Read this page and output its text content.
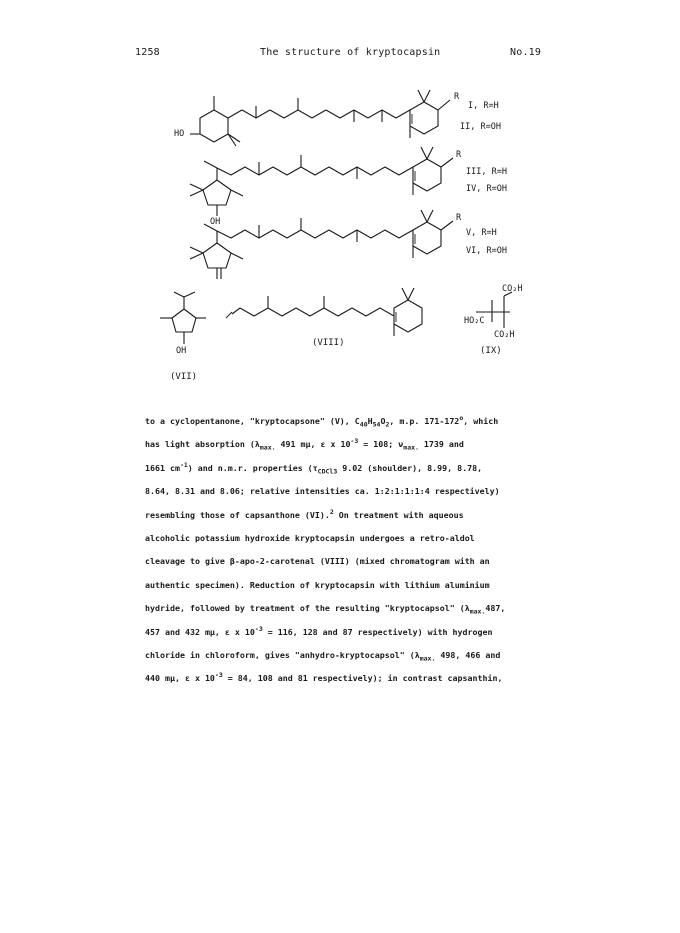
1258	The structure of kryptocapsin	No.19
R
HO
I, R=H
II, R=OH
R
III, R=H
IV, R=OH
OH	R
V, R=H
VI, R=OH
OH
(VII)
(VIII)
CO₂H
HO₂C
CO₂H
(IX)
to a cyclopentanone, "kryptocapsone" (V), $C_{40}H_{54}O_2$, m.p. 171-172$^o$, which
has light absorption ($\lambda_{max.}$ 491 mμ, ε x $10^{-3} = 108$; $\nu_{max.}$ 1739 and
1661 $cm^{-1}$) and n.m.r. properties ($\tau_{CDCl3}$ 9.02 (shoulder), 8.99, 8.78,
8.64, 8.31 and 8.06; relative intensities ca. 1:2:1:1:1:4 respectively)
resembling those of capsanthone (VI).$^2$ On treatment with aqueous
alcoholic potassium hydroxide kryptocapsin undergoes a retro-aldol
cleavage to give β-apo-2-carotenal (VIII) (mixed chromatogram with an
authentic specimen). Reduction of kryptocapsin with lithium aluminium
hydride, followed by treatment of the resulting "kryptocapsol" ($\lambda_{max.}487$,
457 and 432 mμ, ε x $10^{-3} = 116$, 128 and 87 respectively) with hydrogen
chloride in chloroform, gives "anhydro-kryptocapsol" ($\lambda_{max.}$ 498, 466 and
440 mμ, ε x $10^{-3} = 84$, 108 and 81 respectively); in contrast capsanthin,
